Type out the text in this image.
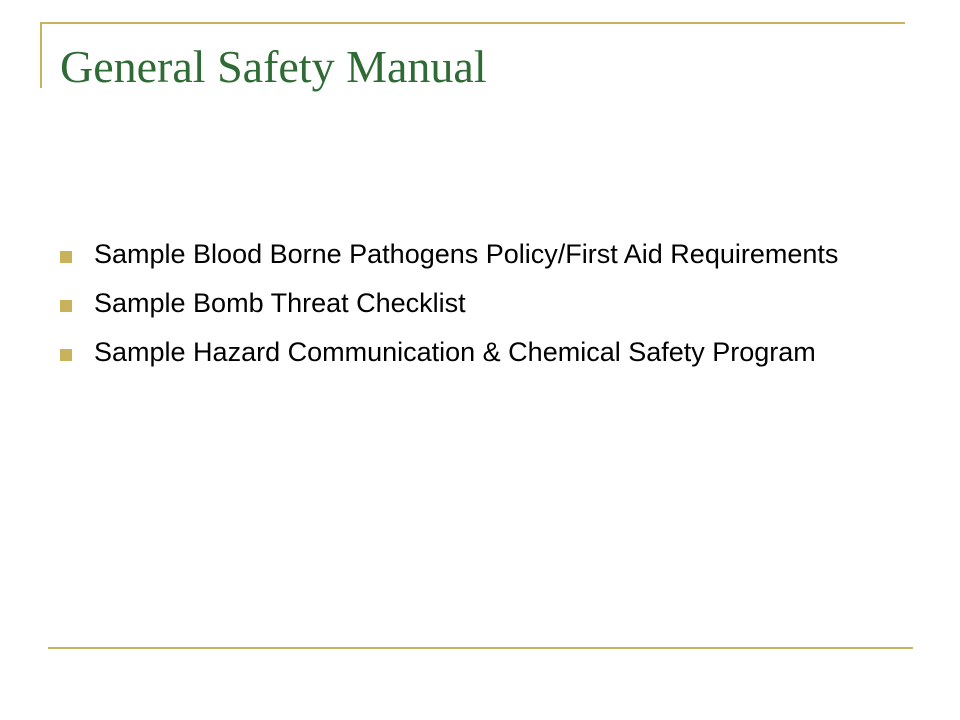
General Safety Manual
Sample Blood Borne Pathogens Policy/First Aid Requirements
Sample Bomb Threat Checklist
Sample Hazard Communication & Chemical Safety Program
